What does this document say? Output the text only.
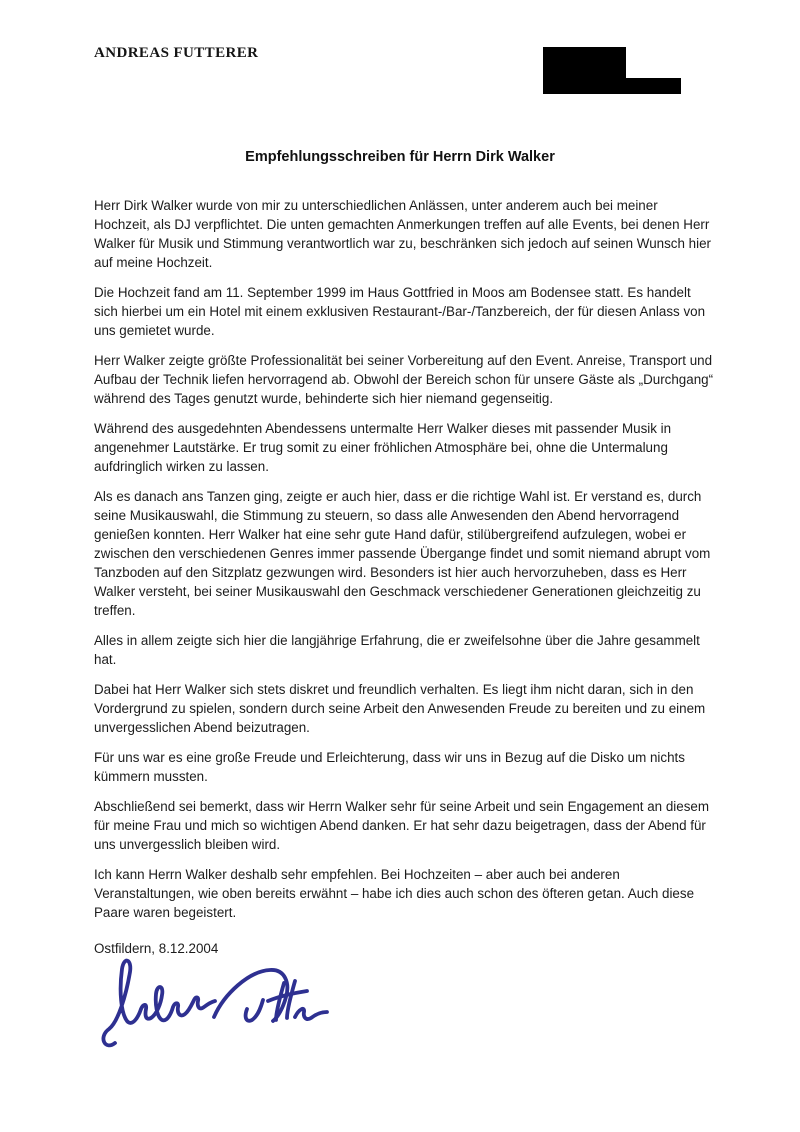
ANDREAS FUTTERER
Empfehlungsschreiben für Herrn Dirk Walker

Herr Dirk Walker wurde von mir zu unterschiedlichen Anlässen, unter anderem auch bei meiner Hochzeit, als DJ verpflichtet. Die unten gemachten Anmerkungen treffen auf alle Events, bei denen Herr Walker für Musik und Stimmung verantwortlich war zu, beschränken sich jedoch auf seinen Wunsch hier auf meine Hochzeit.

Die Hochzeit fand am 11. September 1999 im Haus Gottfried in Moos am Bodensee statt. Es handelt sich hierbei um ein Hotel mit einem exklusiven Restaurant-/Bar-/Tanzbereich, der für diesen Anlass von uns gemietet wurde.

Herr Walker zeigte größte Professionalität bei seiner Vorbereitung auf den Event. Anreise, Transport und Aufbau der Technik liefen hervorragend ab. Obwohl der Bereich schon für unsere Gäste als „Durchgang“ während des Tages genutzt wurde, behinderte sich hier niemand gegenseitig.

Während des ausgedehnten Abendessens untermalte Herr Walker dieses mit passender Musik in angenehmer Lautstärke. Er trug somit zu einer fröhlichen Atmosphäre bei, ohne die Untermalung aufdringlich wirken zu lassen.

Als es danach ans Tanzen ging, zeigte er auch hier, dass er die richtige Wahl ist. Er verstand es, durch seine Musikauswahl, die Stimmung zu steuern, so dass alle Anwesenden den Abend hervorragend genießen konnten. Herr Walker hat eine sehr gute Hand dafür, stilübergreifend aufzulegen, wobei er zwischen den verschiedenen Genres immer passende Übergange findet und somit niemand abrupt vom Tanzboden auf den Sitzplatz gezwungen wird. Besonders ist hier auch hervorzuheben, dass es Herr Walker versteht, bei seiner Musikauswahl den Geschmack verschiedener Generationen gleichzeitig zu treffen.

Alles in allem zeigte sich hier die langjährige Erfahrung, die er zweifelsohne über die Jahre gesammelt hat.

Dabei hat Herr Walker sich stets diskret und freundlich verhalten. Es liegt ihm nicht daran, sich in den Vordergrund zu spielen, sondern durch seine Arbeit den Anwesenden Freude zu bereiten und zu einem unvergesslichen Abend beizutragen.

Für uns war es eine große Freude und Erleichterung, dass wir uns in Bezug auf die Disko um nichts kümmern mussten.

Abschließend sei bemerkt, dass wir Herrn Walker sehr für seine Arbeit und sein Engagement an diesem für meine Frau und mich so wichtigen Abend danken. Er hat sehr dazu beigetragen, dass der Abend für uns unvergesslich bleiben wird.

Ich kann Herrn Walker deshalb sehr empfehlen. Bei Hochzeiten – aber auch bei anderen Veranstaltungen, wie oben bereits erwähnt – habe ich dies auch schon des öfteren getan. Auch diese Paare waren begeistert.

Ostfildern, 8.12.2004
